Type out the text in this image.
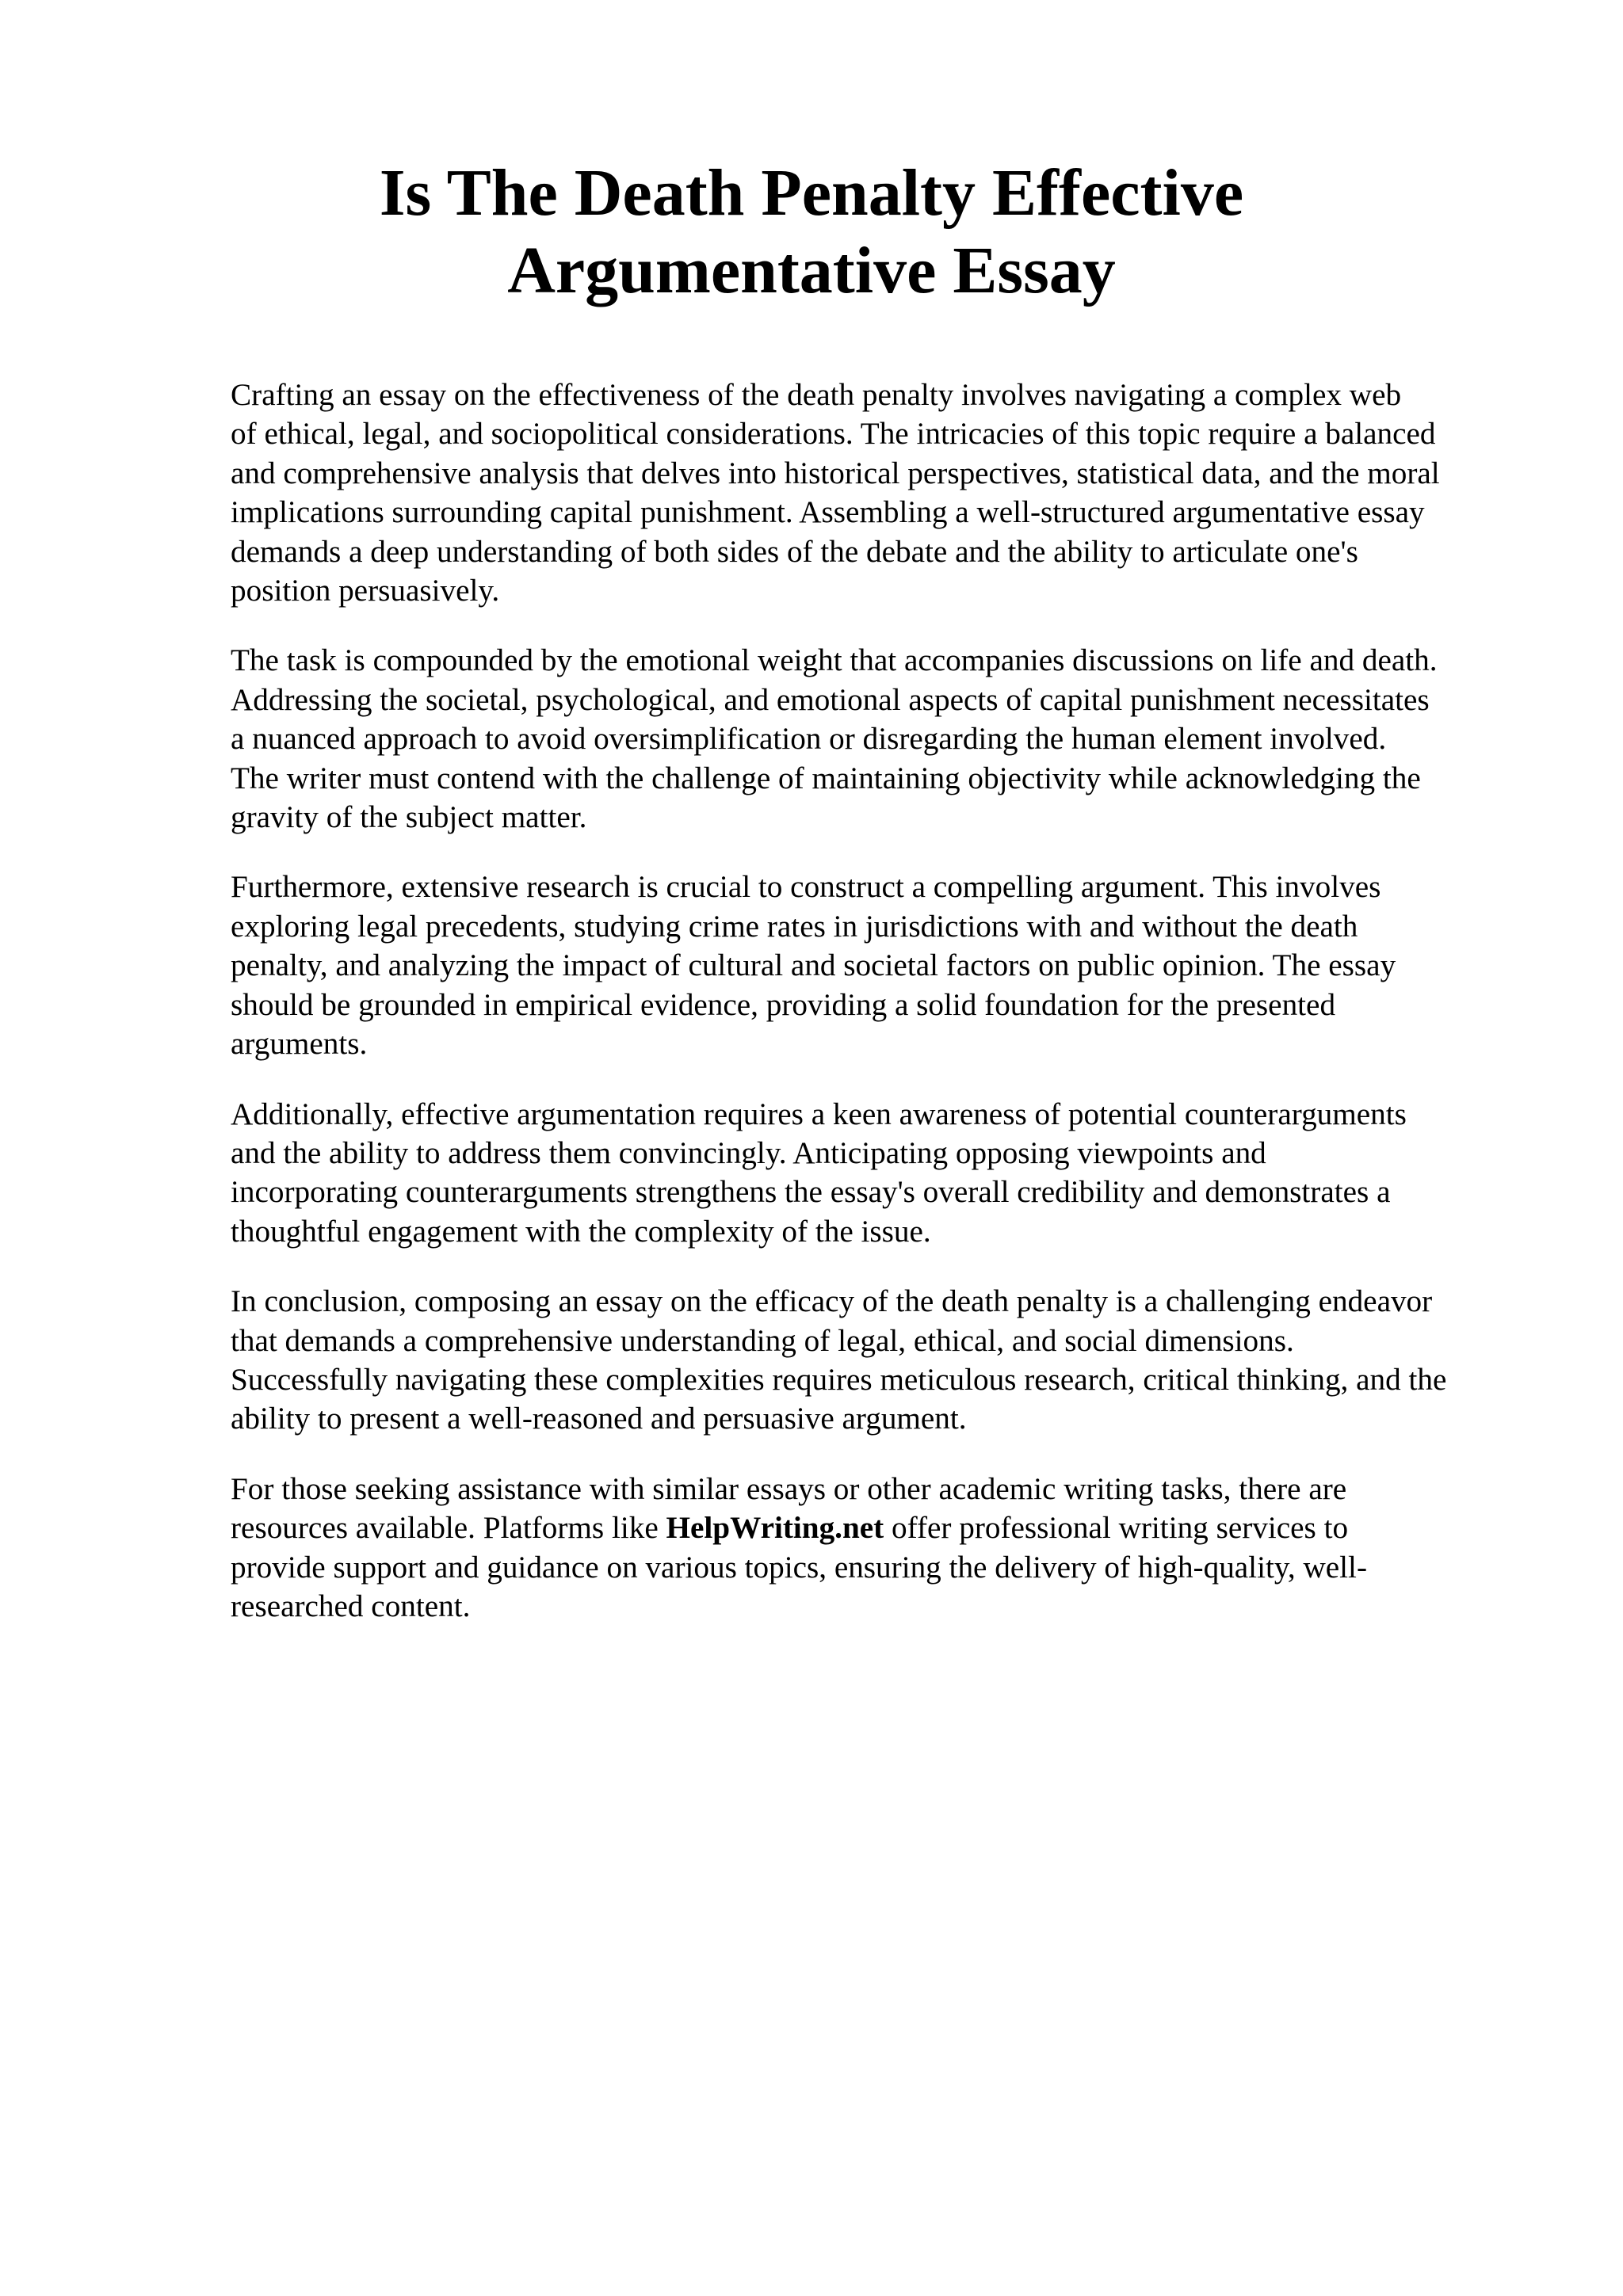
Is The Death Penalty Effective
Argumentative Essay

Crafting an essay on the effectiveness of the death penalty involves navigating a complex web
of ethical, legal, and sociopolitical considerations. The intricacies of this topic require a balanced
and comprehensive analysis that delves into historical perspectives, statistical data, and the moral
implications surrounding capital punishment. Assembling a well-structured argumentative essay
demands a deep understanding of both sides of the debate and the ability to articulate one's
position persuasively.

The task is compounded by the emotional weight that accompanies discussions on life and death.
Addressing the societal, psychological, and emotional aspects of capital punishment necessitates
a nuanced approach to avoid oversimplification or disregarding the human element involved.
The writer must contend with the challenge of maintaining objectivity while acknowledging the
gravity of the subject matter.

Furthermore, extensive research is crucial to construct a compelling argument. This involves
exploring legal precedents, studying crime rates in jurisdictions with and without the death
penalty, and analyzing the impact of cultural and societal factors on public opinion. The essay
should be grounded in empirical evidence, providing a solid foundation for the presented
arguments.

Additionally, effective argumentation requires a keen awareness of potential counterarguments
and the ability to address them convincingly. Anticipating opposing viewpoints and
incorporating counterarguments strengthens the essay's overall credibility and demonstrates a
thoughtful engagement with the complexity of the issue.

In conclusion, composing an essay on the efficacy of the death penalty is a challenging endeavor
that demands a comprehensive understanding of legal, ethical, and social dimensions.
Successfully navigating these complexities requires meticulous research, critical thinking, and the
ability to present a well-reasoned and persuasive argument.

For those seeking assistance with similar essays or other academic writing tasks, there are
resources available. Platforms like HelpWriting.net offer professional writing services to
provide support and guidance on various topics, ensuring the delivery of high-quality, well-
researched content.
